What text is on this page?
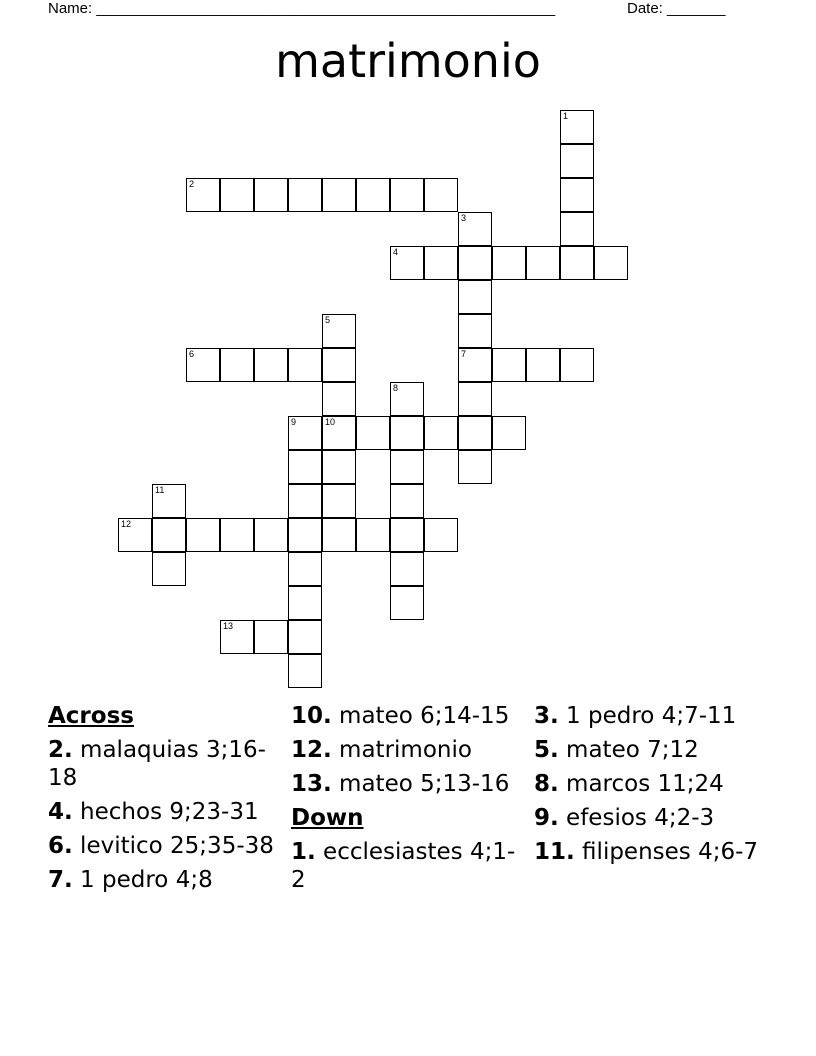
Name: _______________________________________________________	Date: _______
matrimonio
1
2
3
7
4
5
10
6
8
9
11
12
13
Across
2. malaquias 3;16-18
4. hechos 9;23-31
6. levitico 25;35-38
7. 1 pedro 4;8
10. mateo 6;14-15
12. matrimonio
13. mateo 5;13-16
Down
1. ecclesiastes 4;1-2
3. 1 pedro 4;7-11
5. mateo 7;12
8. marcos 11;24
9. efesios 4;2-3
11. filipenses 4;6-7
